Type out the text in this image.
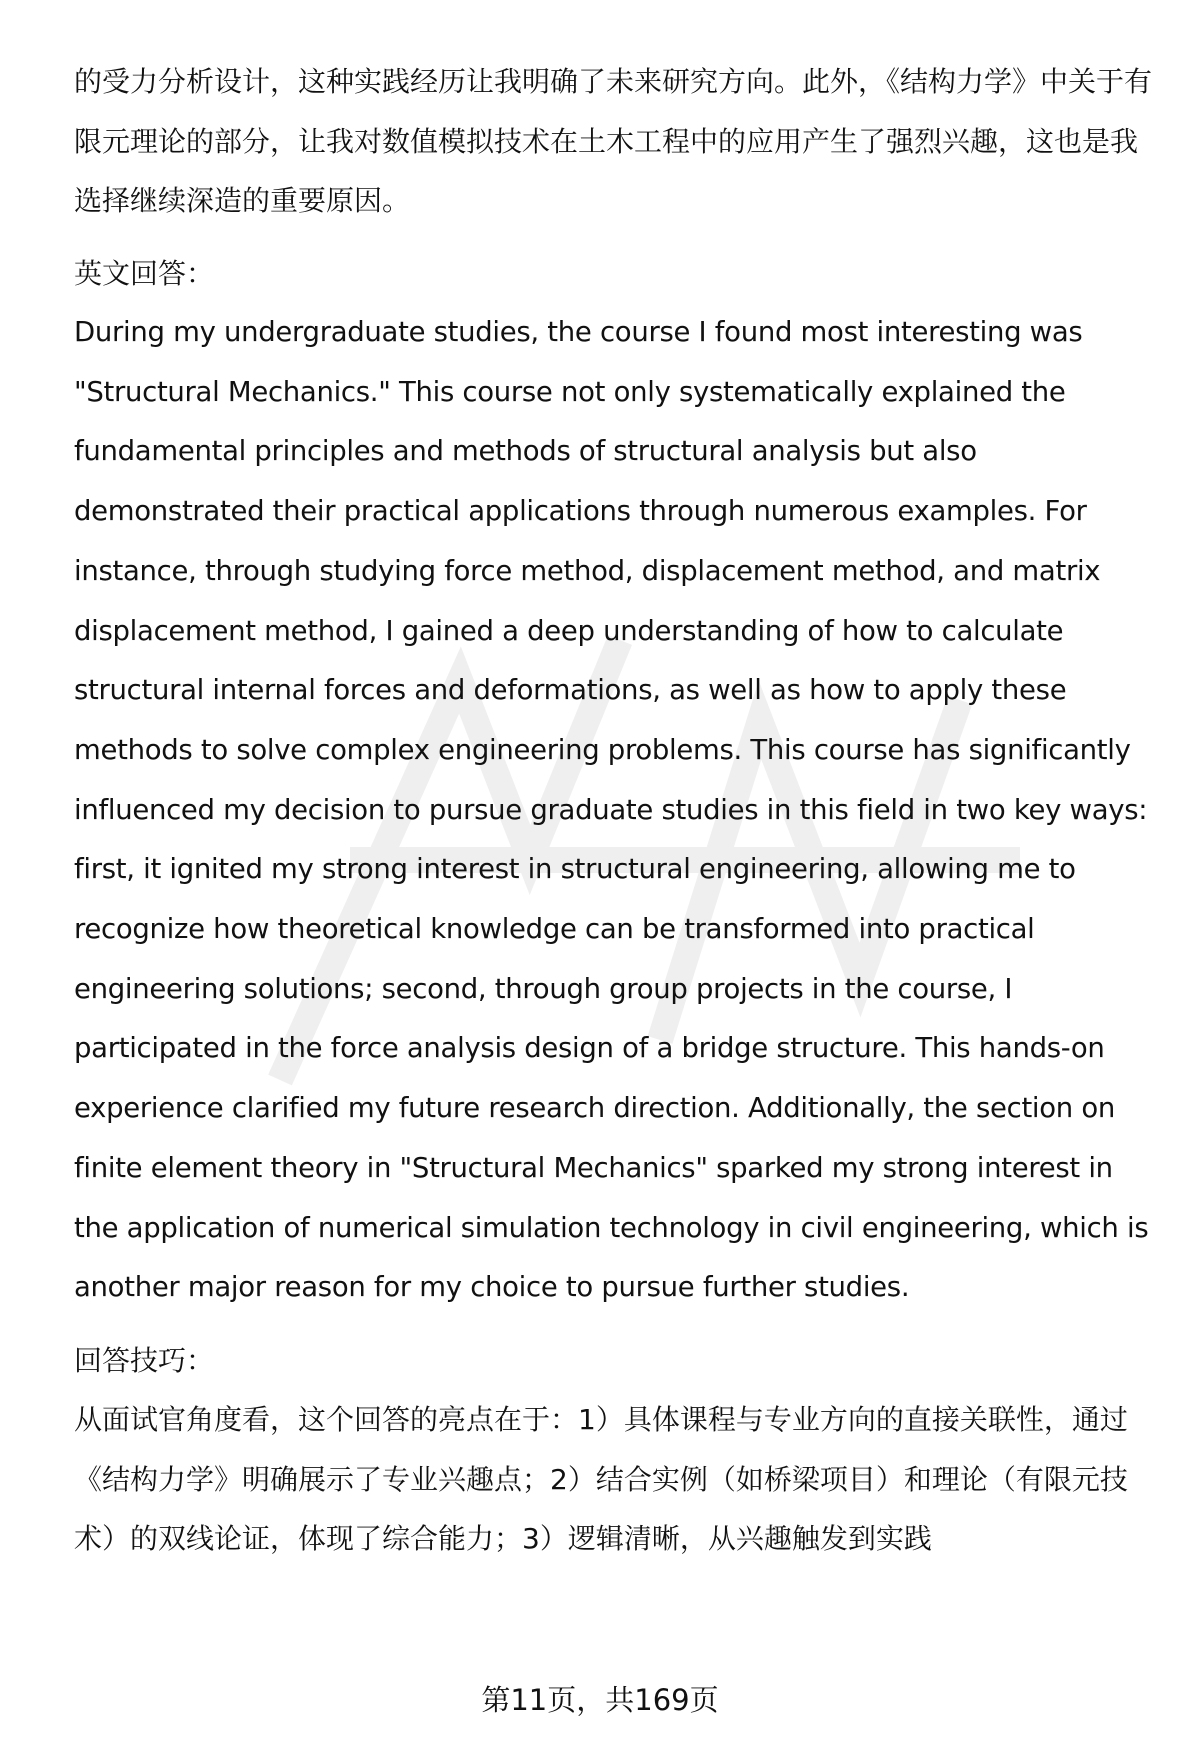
的受力分析设计，这种实践经历让我明确了未来研究方向。此外，《结构力学》中关于有限元理论的部分，让我对数值模拟技术在土木工程中的应用产生了强烈兴趣，这也是我选择继续深造的重要原因。

英文回答：

During my undergraduate studies, the course I found most interesting was "Structural Mechanics." This course not only systematically explained the fundamental principles and methods of structural analysis but also demonstrated their practical applications through numerous examples. For instance, through studying force method, displacement method, and matrix displacement method, I gained a deep understanding of how to calculate structural internal forces and deformations, as well as how to apply these methods to solve complex engineering problems. This course has significantly influenced my decision to pursue graduate studies in this field in two key ways: first, it ignited my strong interest in structural engineering, allowing me to recognize how theoretical knowledge can be transformed into practical engineering solutions; second, through group projects in the course, I participated in the force analysis design of a bridge structure. This hands-on experience clarified my future research direction. Additionally, the section on finite element theory in "Structural Mechanics" sparked my strong interest in the application of numerical simulation technology in civil engineering, which is another major reason for my choice to pursue further studies.

回答技巧：

从面试官角度看，这个回答的亮点在于：1）具体课程与专业方向的直接关联性，通过《结构力学》明确展示了专业兴趣点；2）结合实例（如桥梁项目）和理论（有限元技术）的双线论证，体现了综合能力；3）逻辑清晰，从兴趣触发到实践

第11页，共169页
